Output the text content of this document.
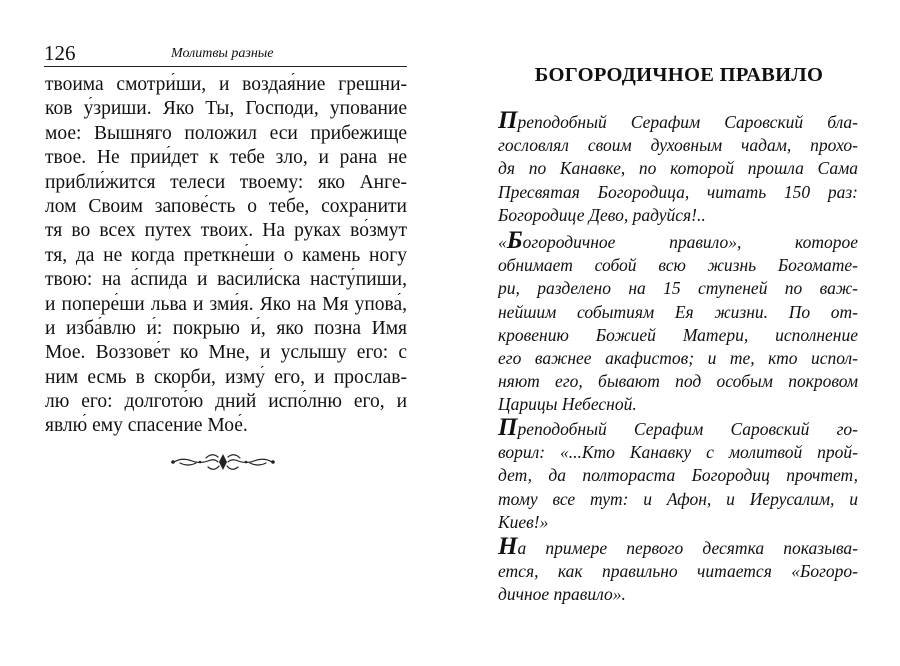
126	Молитвы разные
твоима смотри́ши, и воздая́ние грешни-
ков у́зриши. Яко Ты, Господи, упование
мое: Вышняго положил еси прибежище
твое. Не прии́дет к тебе зло, и рана не
прибли́жится телеси твоему: яко Анге-
лом Своим запове́сть о тебе, сохранити
тя во всех путех твоих. На руках во́змут
тя, да не когда преткне́ши о камень ногу
твою: на а́спида и васили́ска насту́пиши,
и попере́ши льва и зми́я. Яко на Мя упова́,
и изба́влю и́: покрыю и́, яко позна Имя
Мое. Воззове́т ко Мне, и услышу его: с
ним есмь в скорби, изму́ его, и прослав-
лю его: долгото́ю дний испо́лню его, и
явлю́ ему спасение Мое́.
БОГОРОДИЧНОЕ ПРАВИЛО
Преподобный Серафим Саровский бла-
гословлял своим духовным чадам, прохо-
дя по Канавке, по которой прошла Сама
Пресвятая Богородица, читать 150 раз:
Богородице Дево, радуйся!..
«Богородичное правило», которое
обнимает собой всю жизнь Богомате-
ри, разделено на 15 ступеней по важ-
нейшим событиям Ея жизни. По от-
кровению Божией Матери, исполнение
его важнее акафистов; и те, кто испол-
няют его, бывают под особым покровом
Царицы Небесной.
Преподобный Серафим Саровский го-
ворил: «...Кто Канавку с молитвой прой-
дет, да полтораста Богородиц прочтет,
тому все тут: и Афон, и Иерусалим, и
Киев!»
На примере первого десятка показыва-
ется, как правильно читается «Богоро-
дичное правило».
